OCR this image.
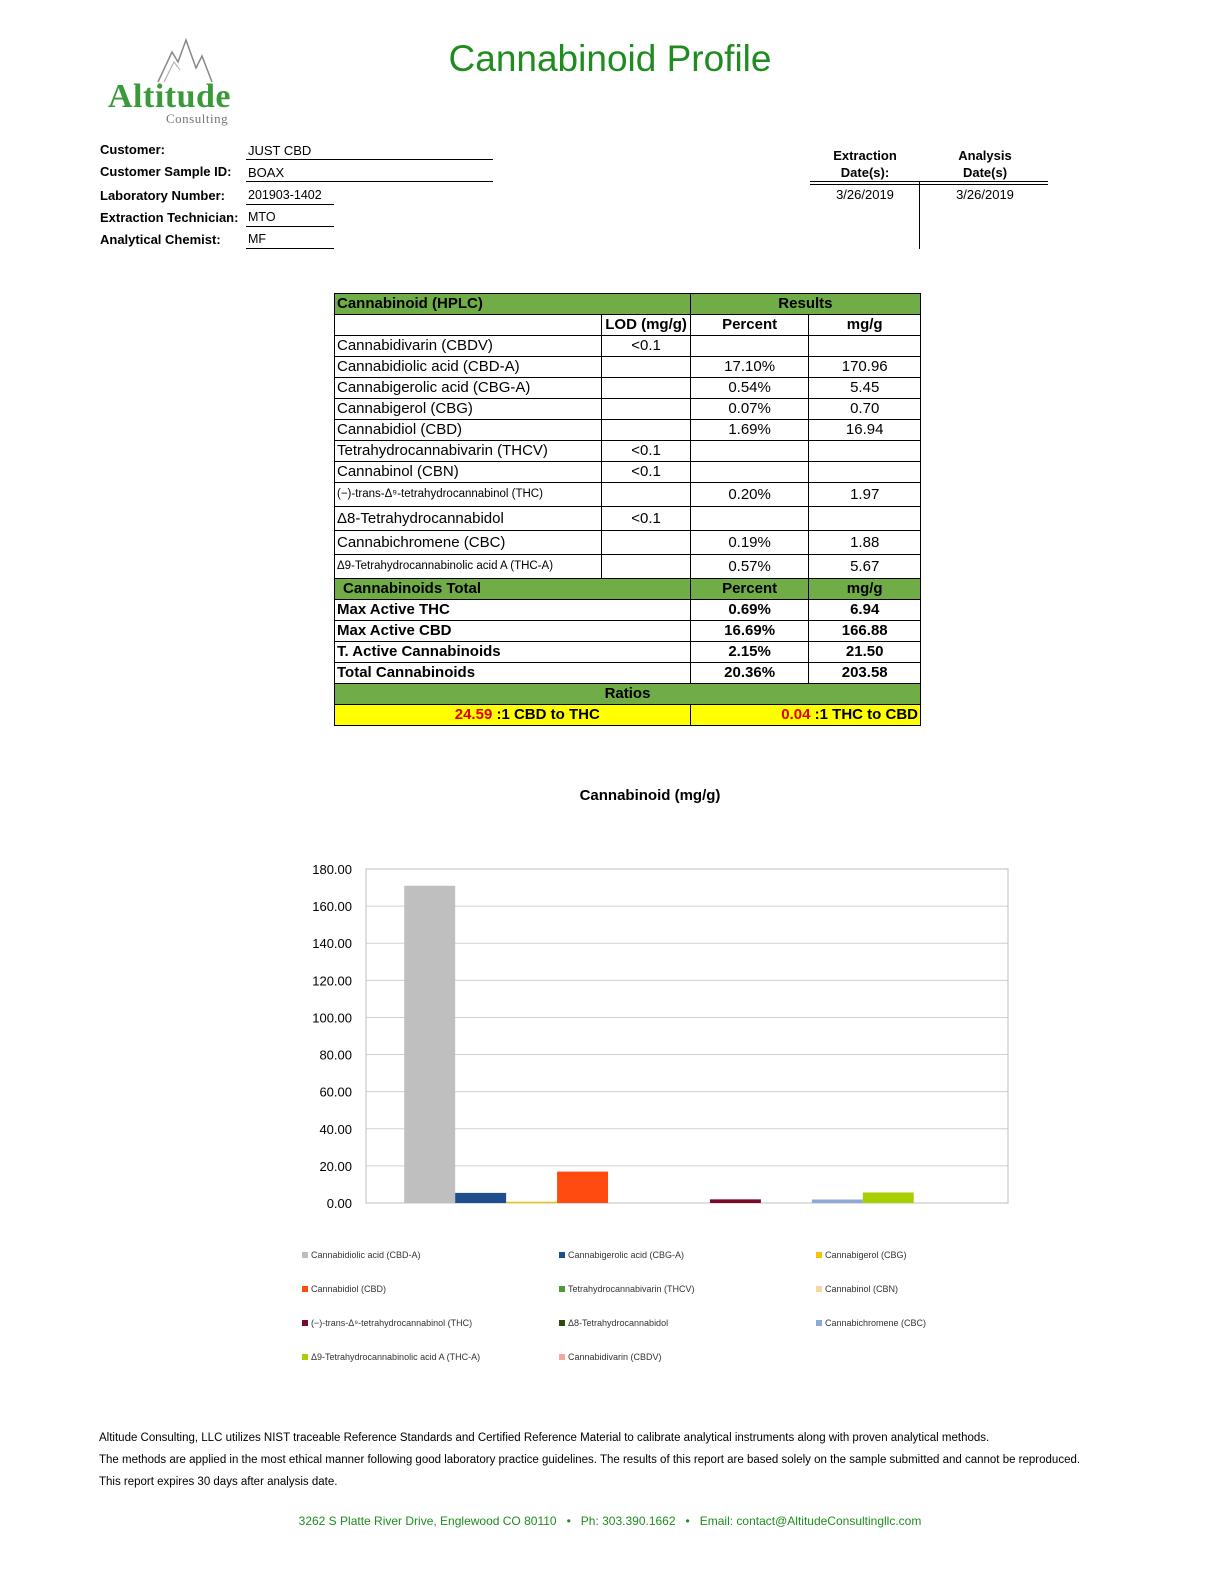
Altitude
Consulting
Cannabinoid Profile
Customer:	JUST CBD
Customer Sample ID: BOAX
Laboratory Number: 201903-1402
Extraction Technician: MTO
Analytical Chemist: MF
Extraction
Date(s):
Analysis
Date(s)
3/26/2019	3/26/2019
Cannabinoid (HPLC)		Results	
	LOD (mg/g)	Percent	mg/g
Cannabidivarin (CBDV)	<0.1		
Cannabidiolic acid (CBD-A)		17.10%	170.96
Cannabigerolic acid (CBG-A)		0.54%	5.45
Cannabigerol (CBG)		0.07%	0.70
Cannabidiol (CBD)		1.69%	16.94
Tetrahydrocannabivarin (THCV)	<0.1		
Cannabinol (CBN)	<0.1		
(−)-trans-Δ⁹-tetrahydrocannabinol (THC)		0.20%	1.97
Δ8-Tetrahydrocannabidol	<0.1		
Cannabichromene (CBC)		0.19%	1.88
Δ9-Tetrahydrocannabinolic acid A (THC-A)		0.57%	5.67
Cannabinoids Total		Percent	mg/g
Max Active THC		0.69%	6.94
Max Active CBD		16.69%	166.88
T. Active Cannabinoids		2.15%	21.50
Total Cannabinoids		20.36%	203.58
Ratios			
24.59 :1 CBD to THC		0.04 :1 THC to CBD	
Cannabinoid (mg/g)
0.00
20.00
40.00
60.00
80.00
100.00
120.00
140.00
160.00
180.00
Cannabidiolic acid (CBD-A)	Cannabigerolic acid (CBG-A)	Cannabigerol (CBG)
Cannabidiol (CBD)	Tetrahydrocannabivarin (THCV)	Cannabinol (CBN)
(−)-trans-Δ⁹-tetrahydrocannabinol (THC)	Δ8-Tetrahydrocannabidol	Cannabichromene (CBC)
Δ9-Tetrahydrocannabinolic acid A (THC-A)	Cannabidivarin (CBDV)
Altitude Consulting, LLC utilizes NIST traceable Reference Standards and Certified Reference Material to calibrate analytical instruments along with proven analytical methods.
The methods are applied in the most ethical manner following good laboratory practice guidelines. The results of this report are based solely on the sample submitted and cannot be reproduced.
This report expires 30 days after analysis date.
3262 S Platte River Drive, Englewood CO 80110   •   Ph: 303.390.1662   •   Email: contact@AltitudeConsultingllc.com
